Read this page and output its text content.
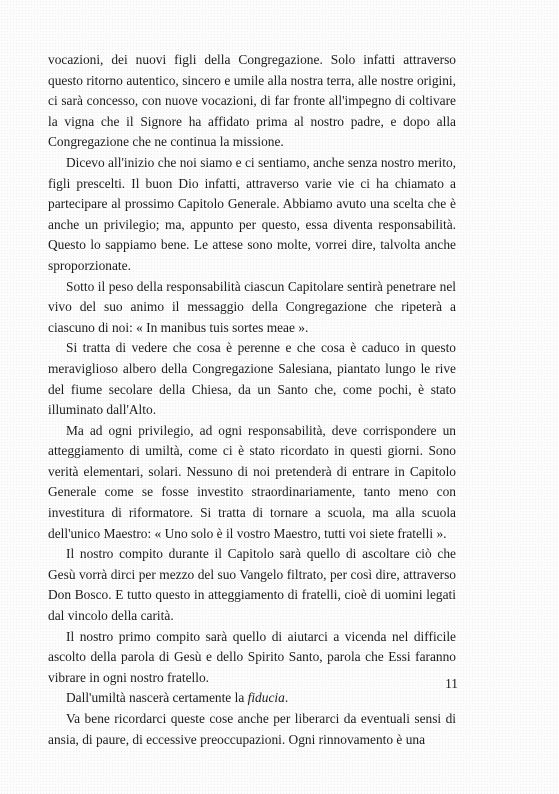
vocazioni, dei nuovi figli della Congregazione. Solo infatti attraverso questo ritorno autentico, sincero e umile alla nostra terra, alle nostre origini, ci sarà concesso, con nuove vocazioni, di far fronte all'impegno di coltivare la vigna che il Signore ha affidato prima al nostro padre, e dopo alla Congregazione che ne continua la missione.

Dicevo all'inizio che noi siamo e ci sentiamo, anche senza nostro merito, figli prescelti. Il buon Dio infatti, attraverso varie vie ci ha chiamato a partecipare al prossimo Capitolo Generale. Abbiamo avuto una scelta che è anche un privilegio; ma, appunto per questo, essa diventa responsabilità. Questo lo sappiamo bene. Le attese sono molte, vorrei dire, talvolta anche sproporzionate.

Sotto il peso della responsabilità ciascun Capitolare sentirà penetrare nel vivo del suo animo il messaggio della Congregazione che ripeterà a ciascuno di noi: « In manibus tuis sortes meae ».

Si tratta di vedere che cosa è perenne e che cosa è caduco in questo meraviglioso albero della Congregazione Salesiana, piantato lungo le rive del fiume secolare della Chiesa, da un Santo che, come pochi, è stato illuminato dall'Alto.

Ma ad ogni privilegio, ad ogni responsabilità, deve corrispondere un atteggiamento di umiltà, come ci è stato ricordato in questi giorni. Sono verità elementari, solari. Nessuno di noi pretenderà di entrare in Capitolo Generale come se fosse investito straordinariamente, tanto meno con investitura di riformatore. Si tratta di tornare a scuola, ma alla scuola dell'unico Maestro: « Uno solo è il vostro Maestro, tutti voi siete fratelli ».

Il nostro compito durante il Capitolo sarà quello di ascoltare ciò che Gesù vorrà dirci per mezzo del suo Vangelo filtrato, per così dire, attraverso Don Bosco. E tutto questo in atteggiamento di fratelli, cioè di uomini legati dal vincolo della carità.

Il nostro primo compito sarà quello di aiutarci a vicenda nel difficile ascolto della parola di Gesù e dello Spirito Santo, parola che Essi faranno vibrare in ogni nostro fratello.

Dall'umiltà nascerà certamente la fiducia.

Va bene ricordarci queste cose anche per liberarci da eventuali sensi di ansia, di paure, di eccessive preoccupazioni. Ogni rinnovamento è una

11
